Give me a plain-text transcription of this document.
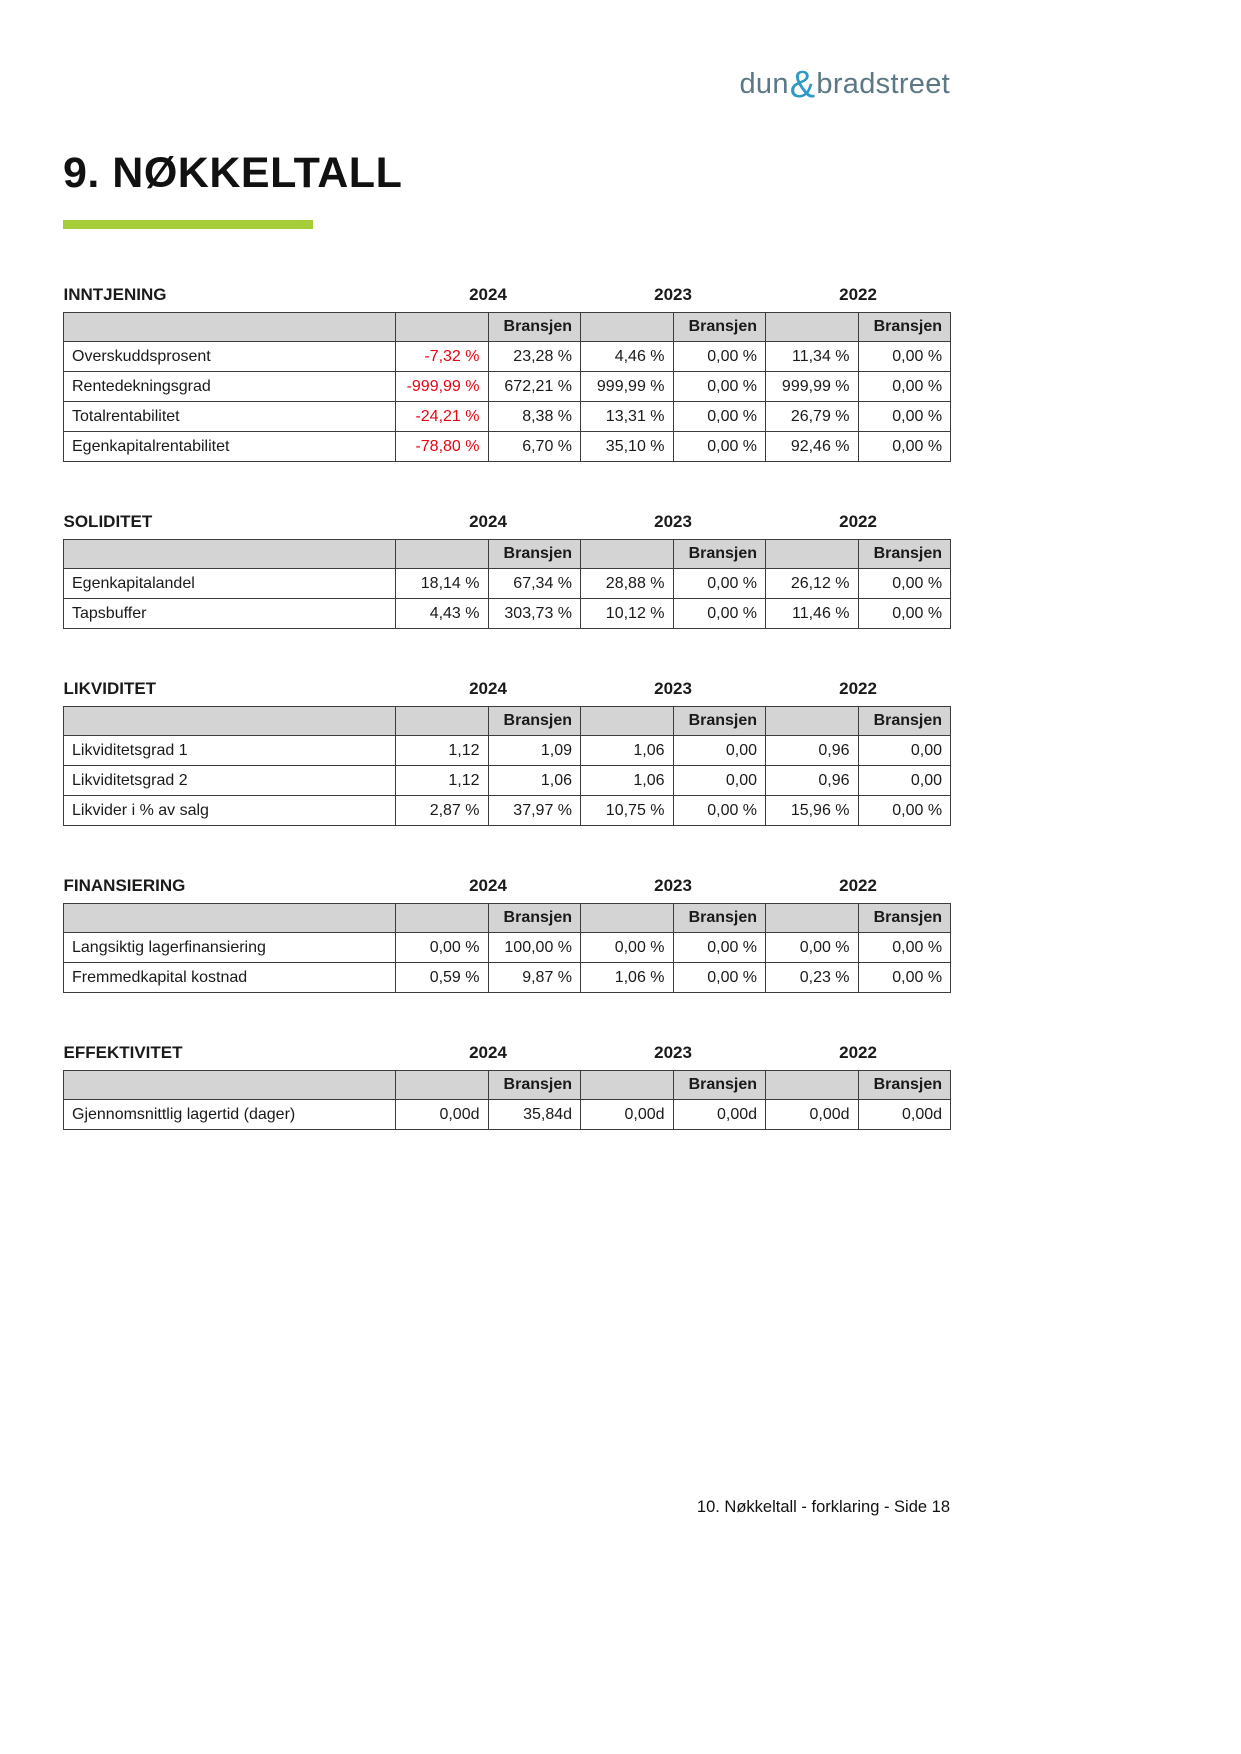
dun&bradstreet
9. NØKKELTALL
INNTJENING	2024		2023		2022	
		Bransjen		Bransjen		Bransjen
Overskuddsprosent	-7,32 %	23,28 %	4,46 %	0,00 %	11,34 %	0,00 %
Rentedekningsgrad	-999,99 %	672,21 %	999,99 %	0,00 %	999,99 %	0,00 %
Totalrentabilitet	-24,21 %	8,38 %	13,31 %	0,00 %	26,79 %	0,00 %
Egenkapitalrentabilitet	-78,80 %	6,70 %	35,10 %	0,00 %	92,46 %	0,00 %
SOLIDITET	2024		2023		2022	
		Bransjen		Bransjen		Bransjen
Egenkapitalandel	18,14 %	67,34 %	28,88 %	0,00 %	26,12 %	0,00 %
Tapsbuffer	4,43 %	303,73 %	10,12 %	0,00 %	11,46 %	0,00 %
LIKVIDITET	2024		2023		2022	
		Bransjen		Bransjen		Bransjen
Likviditetsgrad 1	1,12	1,09	1,06	0,00	0,96	0,00
Likviditetsgrad 2	1,12	1,06	1,06	0,00	0,96	0,00
Likvider i % av salg	2,87 %	37,97 %	10,75 %	0,00 %	15,96 %	0,00 %
FINANSIERING	2024		2023		2022	
		Bransjen		Bransjen		Bransjen
Langsiktig lagerfinansiering	0,00 %	100,00 %	0,00 %	0,00 %	0,00 %	0,00 %
Fremmedkapital kostnad	0,59 %	9,87 %	1,06 %	0,00 %	0,23 %	0,00 %
EFFEKTIVITET	2024		2023		2022	
		Bransjen		Bransjen		Bransjen
Gjennomsnittlig lagertid (dager)	0,00d	35,84d	0,00d	0,00d	0,00d	0,00d
10. Nøkkeltall - forklaring - Side 18
